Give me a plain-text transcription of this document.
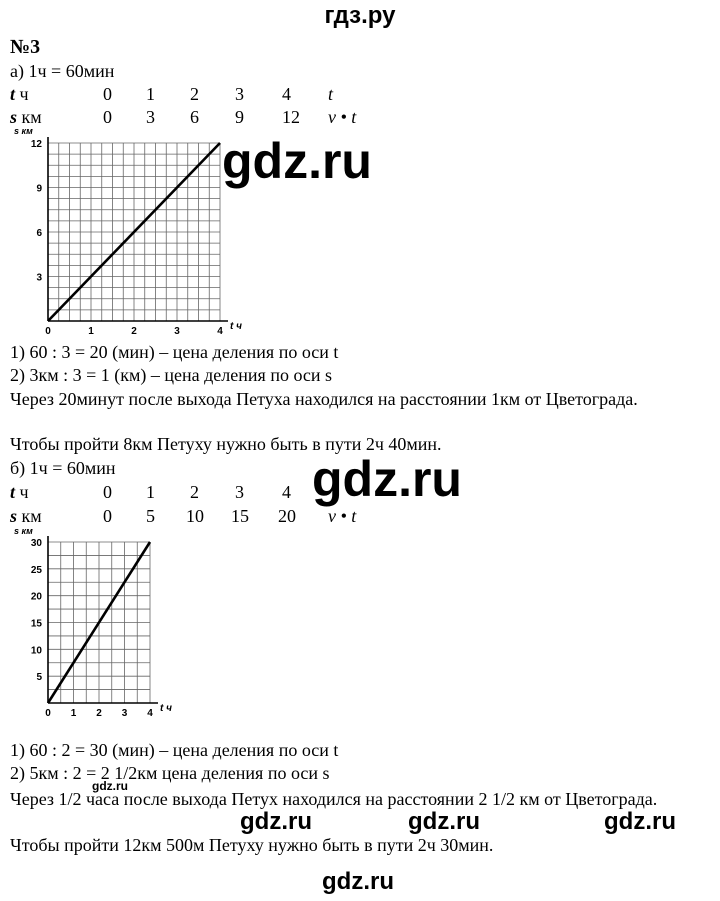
гдз.ру
№3
а) 1ч = 60мин
t ч	0 1 2 3 4 t
s км	0 3 6 9 12 v • t
0	1	2	3	4
3
6
9
12
s км
t ч
gdz.ru
1) 60 : 3 = 20 (мин) – цена деления по оси t
2) 3км : 3 = 1 (км) – цена деления по оси s
Через 20минут после выхода Петуха находился на расстоянии 1км от Цветограда.
Чтобы пройти 8км Петуху нужно быть в пути 2ч 40мин.
б) 1ч = 60мин
t ч	0 1 2 3 4
s км	0 5 10 15 20 v • t
gdz.ru
0 1 2 3 4
5
10
15
20
25
30
s км
t ч
1) 60 : 2 = 30 (мин) – цена деления по оси t
2) 5км : 2 = 2 1/2км цена деления по оси s
gdz.ru
Через 1/2 часа после выхода Петух находился на расстоянии 2 1/2 км от Цветограда.
gdz.ru	gdz.ru	gdz.ru
Чтобы пройти 12км 500м Петуху нужно быть в пути 2ч 30мин.
gdz.ru
